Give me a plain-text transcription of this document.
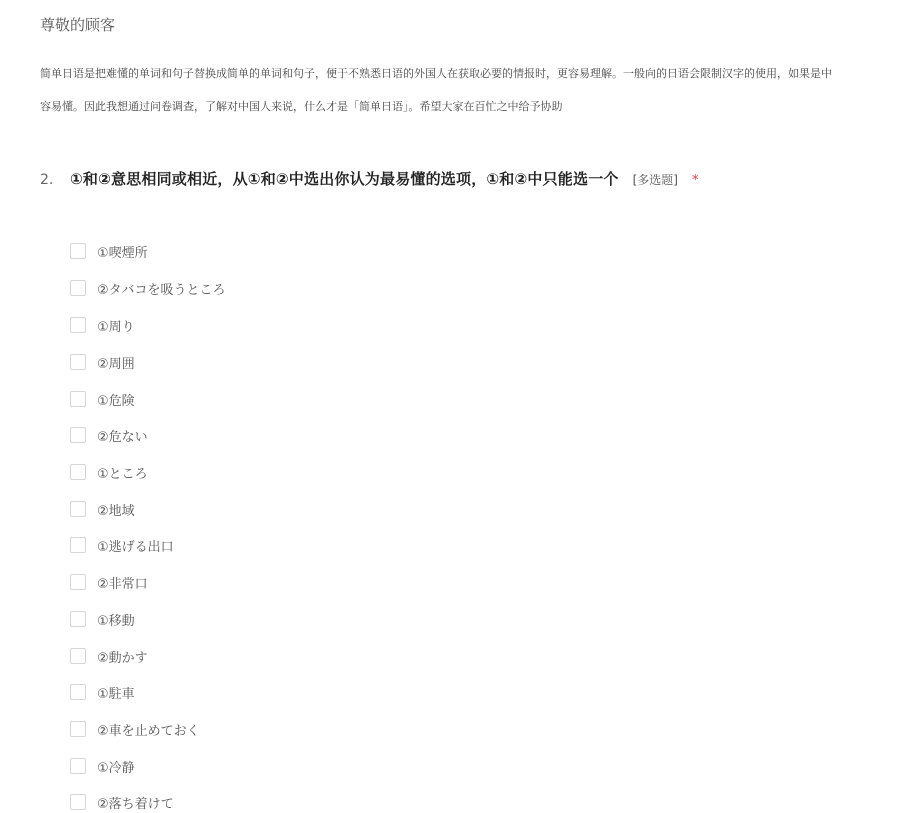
尊敬的顾客
简单日语是把难懂的单词和句子替换成简单的单词和句子，便于不熟悉日语的外国人在获取必要的情报时，更容易理解。一般向的日语会限制汉字的使用，如果是中
容易懂。因此我想通过问卷调查，了解对中国人来说，什么才是「简单日语」。希望大家在百忙之中给予协助
2.	①和②意思相同或相近，从①和②中选出你认为最易懂的选项，①和②中只能选一个 [多选题] *
①喫煙所
②タバコを吸うところ
①周り
②周囲
①危険
②危ない
①ところ
②地域
①逃げる出口
②非常口
①移動
②動かす
①駐車
②車を止めておく
①冷静
②落ち着けて
